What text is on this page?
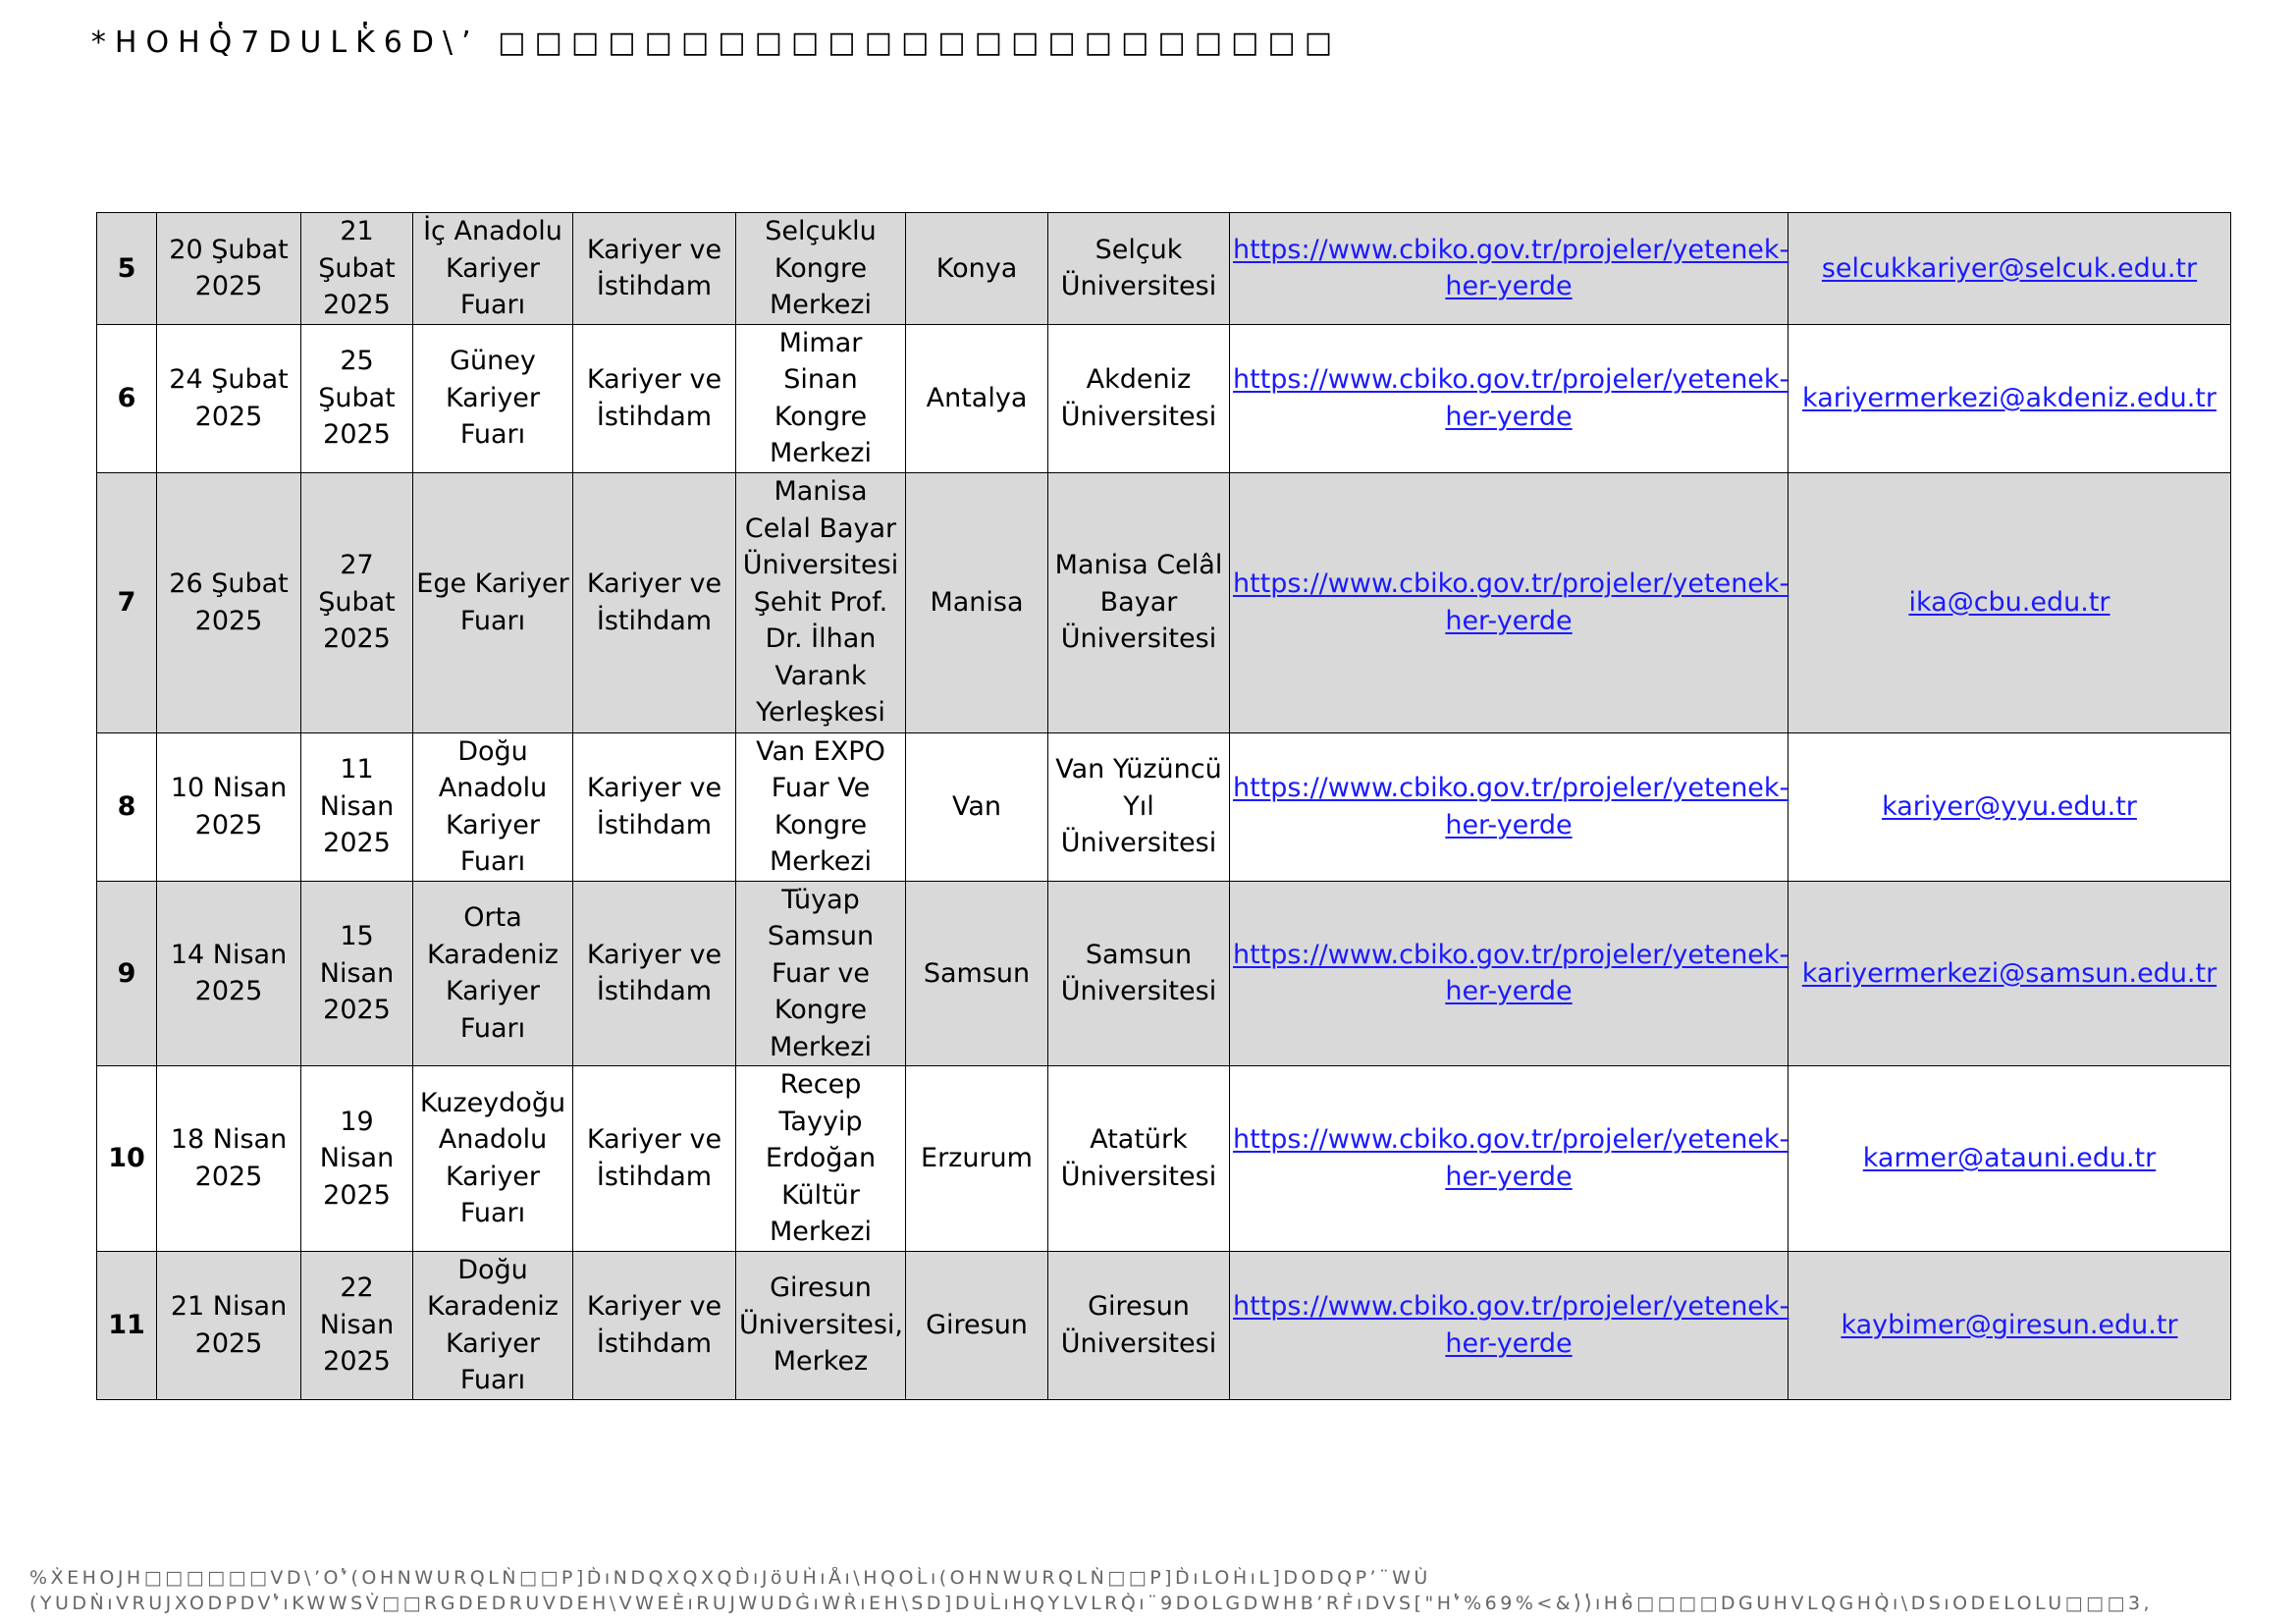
*HOHQ̔7DULK̔6D\’ □□□□□□□□□□□□□□□□□□□□□□□
5	20 Şubat 2025	21 Şubat 2025	İç Anadolu Kariyer Fuarı	Kariyer ve İstihdam	Selçuklu Kongre Merkezi	Konya	Selçuk Üniversitesi	https://www.cbiko.gov.tr/projeler/yetenek-her-yerde	selcukkariyer@selcuk.edu.tr
6	24 Şubat 2025	25 Şubat 2025	Güney Kariyer Fuarı	Kariyer ve İstihdam	Mimar Sinan Kongre Merkezi	Antalya	Akdeniz Üniversitesi	https://www.cbiko.gov.tr/projeler/yetenek-her-yerde	kariyermerkezi@akdeniz.edu.tr
7	26 Şubat 2025	27 Şubat 2025	Ege Kariyer Fuarı	Kariyer ve İstihdam	Manisa Celal Bayar Üniversitesi Şehit Prof. Dr. İlhan Varank Yerleşkesi	Manisa	Manisa Celâl Bayar Üniversitesi	https://www.cbiko.gov.tr/projeler/yetenek-her-yerde	ika@cbu.edu.tr
8	10 Nisan 2025	11 Nisan 2025	Doğu Anadolu Kariyer Fuarı	Kariyer ve İstihdam	Van EXPO Fuar Ve Kongre Merkezi	Van	Van Yüzüncü Yıl Üniversitesi	https://www.cbiko.gov.tr/projeler/yetenek-her-yerde	kariyer@yyu.edu.tr
9	14 Nisan 2025	15 Nisan 2025	Orta Karadeniz Kariyer Fuarı	Kariyer ve İstihdam	Tüyap Samsun Fuar ve Kongre Merkezi	Samsun	Samsun Üniversitesi	https://www.cbiko.gov.tr/projeler/yetenek-her-yerde	kariyermerkezi@samsun.edu.tr
10	18 Nisan 2025	19 Nisan 2025	Kuzeydoğu Anadolu Kariyer Fuarı	Kariyer ve İstihdam	Recep Tayyip Erdoğan Kültür Merkezi	Erzurum	Atatürk Üniversitesi	https://www.cbiko.gov.tr/projeler/yetenek-her-yerde	karmer@atauni.edu.tr
11	21 Nisan 2025	22 Nisan 2025	Doğu Karadeniz Kariyer Fuarı	Kariyer ve İstihdam	Giresun Üniversitesi, Merkez	Giresun	Giresun Üniversitesi	https://www.cbiko.gov.tr/projeler/yetenek-her-yerde	kaybimer@giresun.edu.tr
%X̔EHOJH□□□□□□VD\’O’̔(OHNWURQLN̔□□P]D̔ıNDQXQXQD̔ıJöUH̔ıÅı\HQOL̔ı(OHNWURQLN̔□□P]D̔ıLOH̔ıL]DODQP’¨WU̔
(YUDN̔ıVRUJXODPDV’̔ıKWWSV̔□□RGDEDRUVDEH\VWEE̔ıRUJWUDG̔ıWR̔ıEH\SD]DUL̔ıHQYLVLRQ̔ı¨9DOLGDWHB’RF̔ıDVS["H’̔%69%<&)̔)̔ıH6̔□□□□DGUHVLQGHQ̔ı\DSıODELOLU□□□3,
